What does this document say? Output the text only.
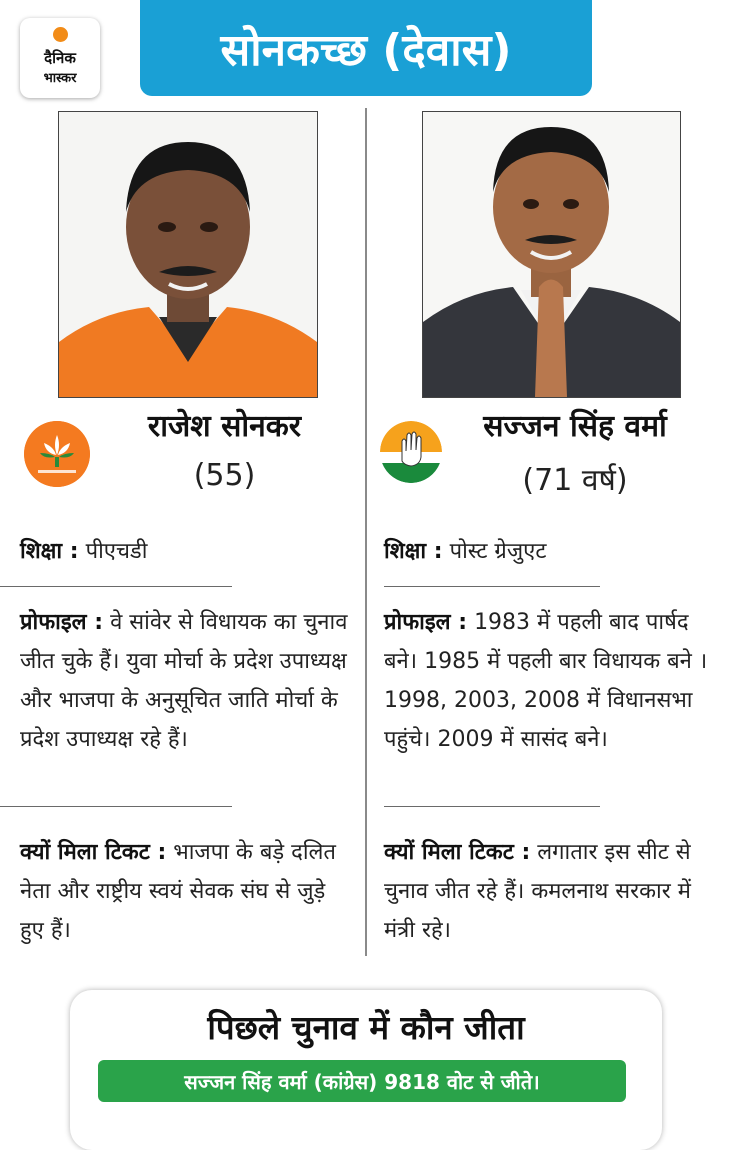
दैनिक
भास्कर
सोनकच्छ (देवास)
राजेश सोनकर
(55)
सज्जन सिंह वर्मा
(71 वर्ष)
शिक्षा : पीएचडी
प्रोफाइल : वे सांवेर से विधायक का चुनाव जीत चुके हैं। युवा मोर्चा के प्रदेश उपाध्यक्ष और भाजपा के अनुसूचित जाति मोर्चा के प्रदेश उपाध्यक्ष रहे हैं।
क्यों मिला टिकट : भाजपा के बड़े दलित नेता और राष्ट्रीय स्वयं सेवक संघ से जुड़े हुए हैं।
शिक्षा : पोस्ट ग्रेजुएट
प्रोफाइल : 1983 में पहली बाद पार्षद बने। 1985 में पहली बार विधायक बने । 1998, 2003, 2008 में विधानसभा पहुंचे। 2009 में सासंद बने।
क्यों मिला टिकट : लगातार इस सीट से चुनाव जीत रहे हैं। कमलनाथ सरकार में मंत्री रहे।
पिछले चुनाव में कौन जीता
सज्जन सिंह वर्मा (कांग्रेस) 9818 वोट से जीते।
